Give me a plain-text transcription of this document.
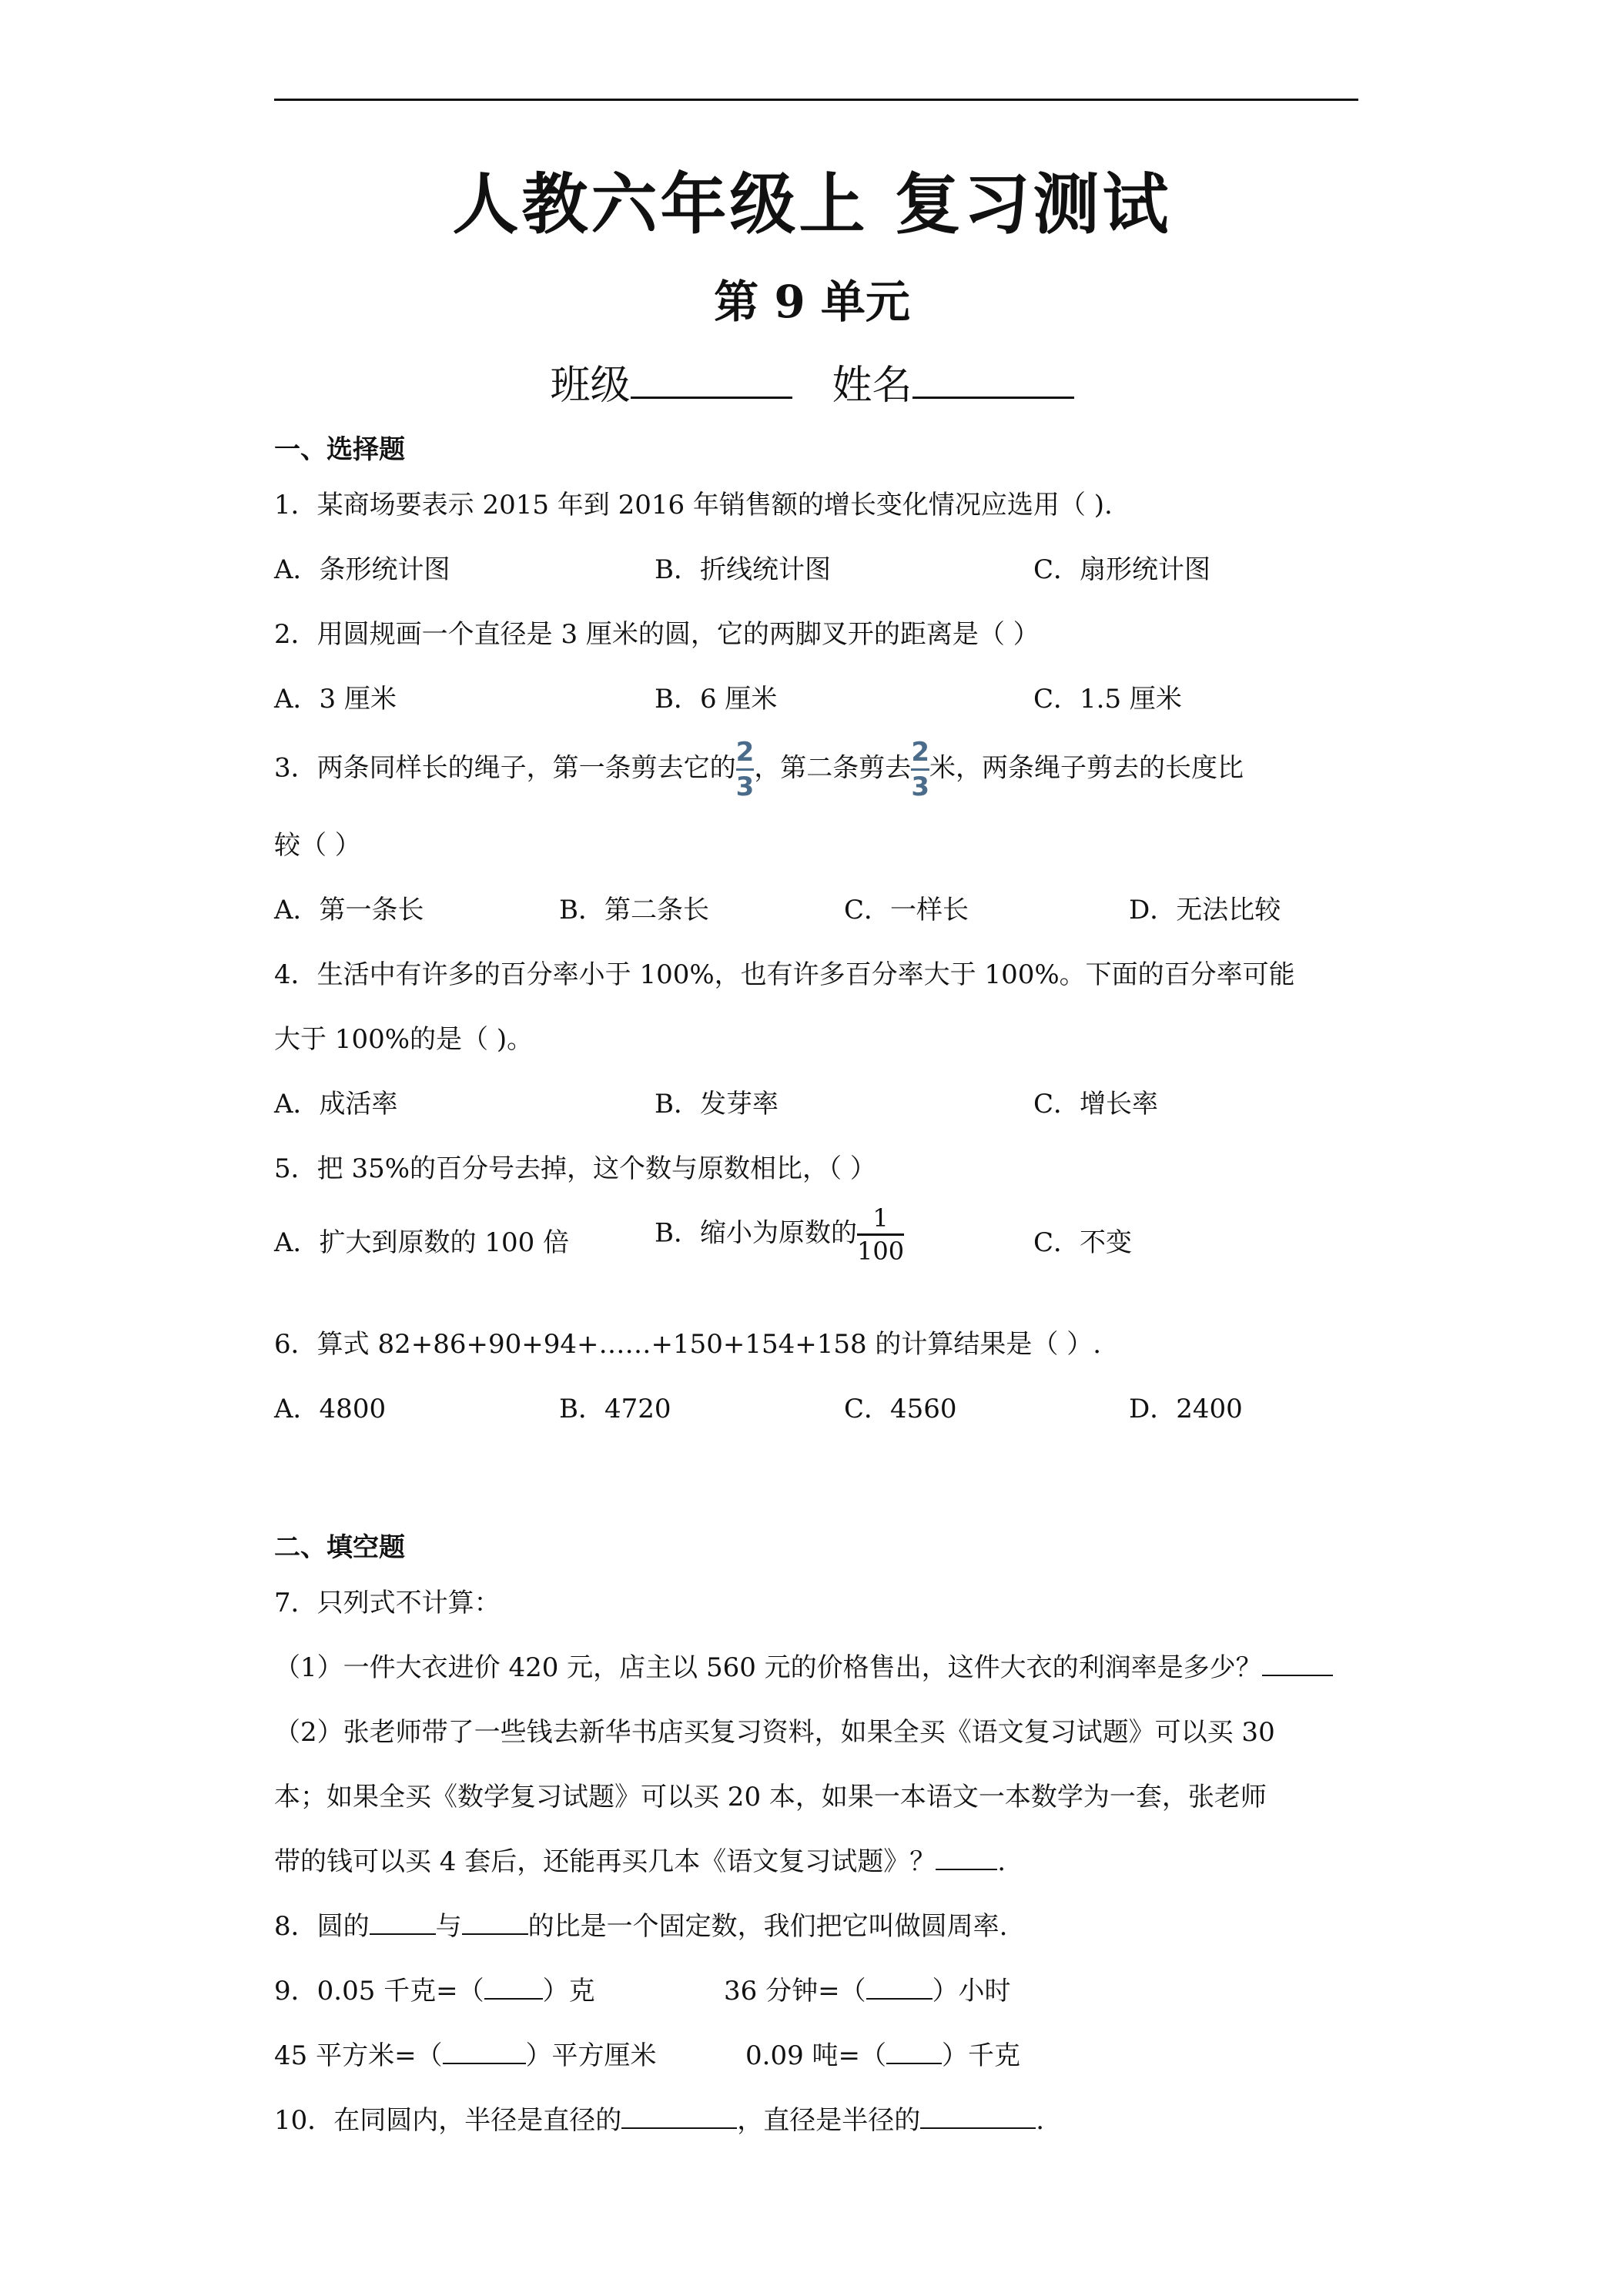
人教六年级上 复习测试
第 9 单元
班级	姓名
一、选择题
1．某商场要表示 2015 年到 2016 年销售额的增长变化情况应选用（ ).
A．条形统计图	B．折线统计图	C．扇形统计图
2．用圆规画一个直径是 3 厘米的圆，它的两脚叉开的距离是（ ）
A．3 厘米	B．6 厘米	C．1.5 厘米
3．两条同样长的绳子，第一条剪去它的 $\frac{2}{3}$ ，第二条剪去 $\frac{2}{3}$ 米，两条绳子剪去的长度比
较（ ）
A．第一条长	B．第二条长	C．一样长	D．无法比较
4．生活中有许多的百分率小于 100%，也有许多百分率大于 100%。下面的百分率可能
大于 100%的是（ )。
A．成活率	B．发芽率	C．增长率
5．把 35%的百分号去掉，这个数与原数相比，（ ）
A．扩大到原数的 100 倍	B．缩小为原数的 $\frac{1}{100}$	C．不变
6．算式 82+86+90+94+……+150+154+158 的计算结果是（ ）.
A．4800	B．4720	C．4560	D．2400
二、填空题
7．只列式不计算：
（1）一件大衣进价 420 元，店主以 560 元的价格售出，这件大衣的利润率是多少？
（2）张老师带了一些钱去新华书店买复习资料，如果全买《语文复习试题》可以买 30
本；如果全买《数学复习试题》可以买 20 本，如果一本语文一本数学为一套，张老师
带的钱可以买 4 套后，还能再买几本《语文复习试题》？ .
8．圆的	与	的比是一个固定数，我们把它叫做圆周率.
9．0.05 千克=（ ）克	36 分钟=（	）小时
45 平方米=（	）平方厘米	0.09 吨=（ ）千克
10．在同圆内，半径是直径的	，直径是半径的	.
